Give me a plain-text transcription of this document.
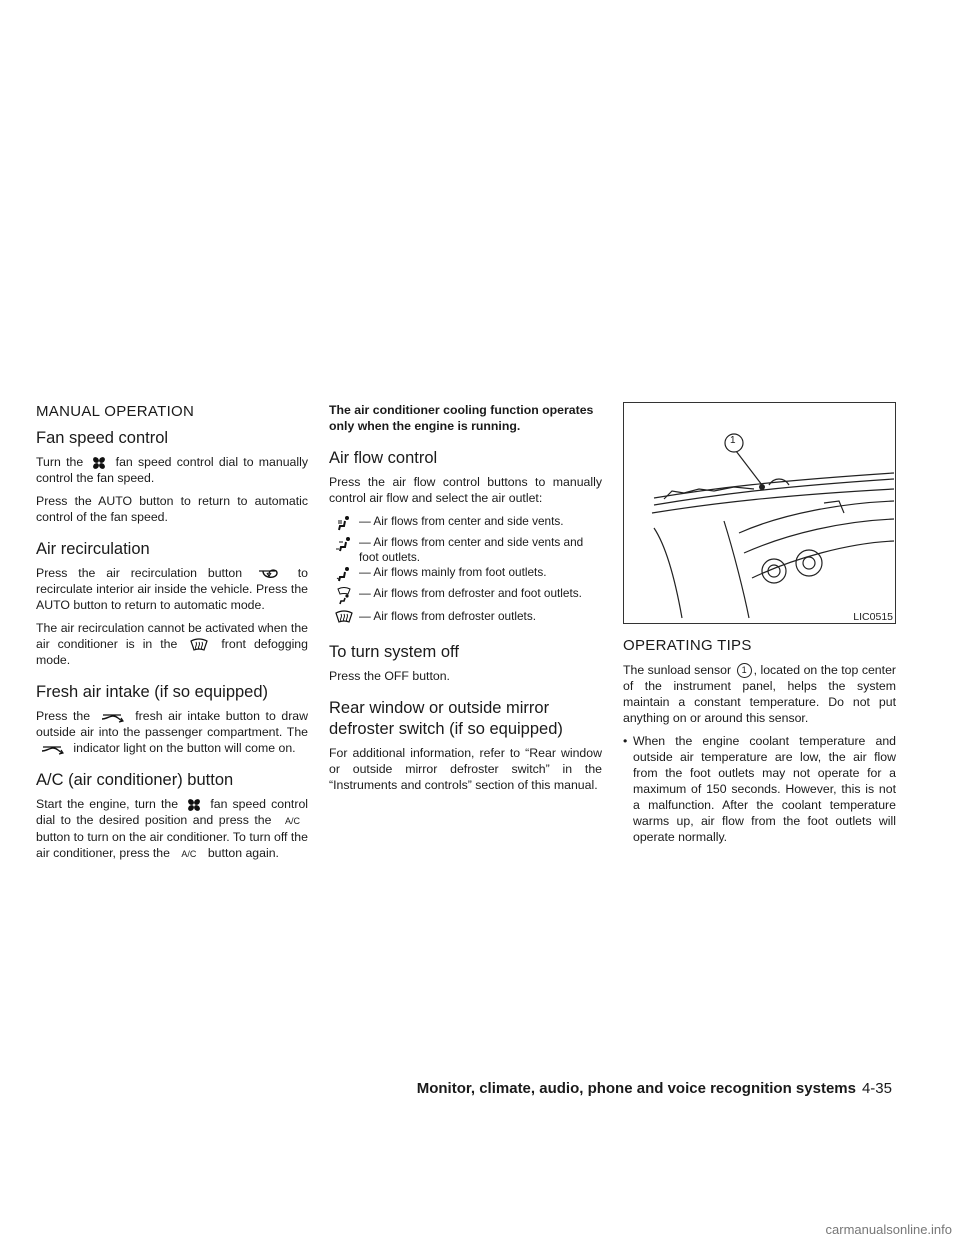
MANUAL OPERATION
Fan speed control

Turn the	fan speed control dial to manually control the fan speed.

Press the AUTO button to return to automatic control of the fan speed.

Air recirculation

Press the air recirculation button	to recirculate interior air inside the vehicle. Press the AUTO button to return to automatic mode.

The air recirculation cannot be activated when the air conditioner is in the	front defogging mode.

Fresh air intake (if so equipped)

Press the	fresh air intake button to draw outside air into the passenger compartment. The  indicator light on the button will come on.

A/C (air conditioner) button

Start the engine, turn the	fan speed control dial to the desired position and press the A/C button to turn on the air conditioner. To turn off the air conditioner, press the A/C button again.

The air conditioner cooling function operates only when the engine is running.

Air flow control

Press the air flow control buttons to manually control air flow and select the air outlet:

— Air flows from center and side vents.
— Air flows from center and side vents and foot outlets.
— Air flows mainly from foot outlets.
— Air flows from defroster and foot outlets.
— Air flows from defroster outlets.
To turn system off

Press the OFF button.

Rear window or outside mirror defroster switch (if so equipped)

For additional information, refer to “Rear window or outside mirror defroster switch” in the “Instruments and controls” section of this manual.

1
LIC0515
OPERATING TIPS

The sunload sensor 1 , located on the top center of the instrument panel, helps the system maintain a constant temperature. Do not put anything on or around this sensor.

• When the engine coolant temperature and outside air temperature are low, the air flow from the foot outlets may not operate for a maximum of 150 seconds. However, this is not a malfunction. After the coolant temperature warms up, air flow from the foot outlets will operate normally.
Monitor, climate, audio, phone and voice recognition systems 4-35
carmanualsonline.info
